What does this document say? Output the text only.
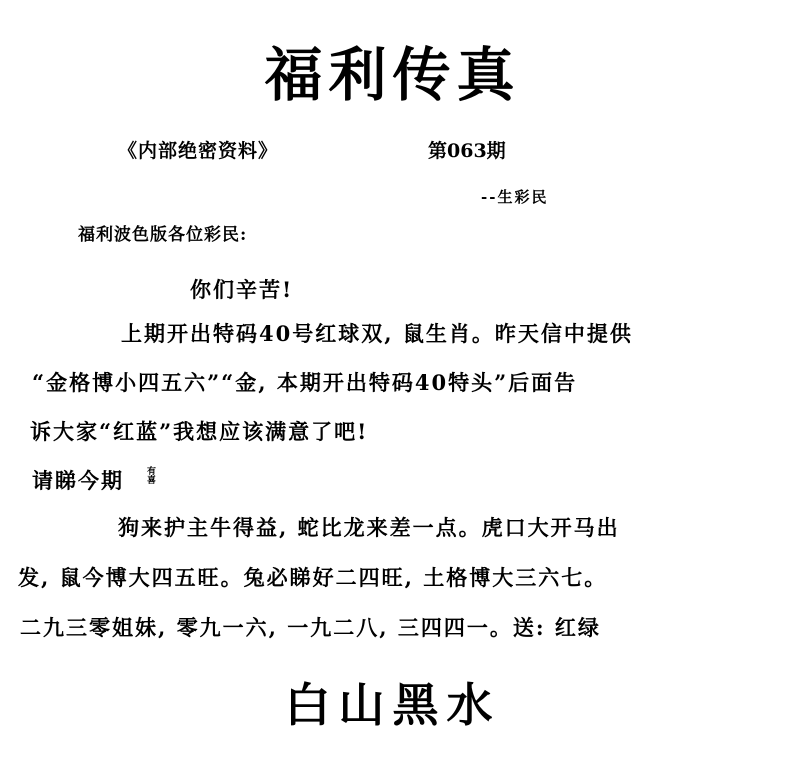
福利传真
《内部绝密资料》	第063期
--生彩民
福利波色版各位彩民:
你们辛苦!
上期开出特码40号红球双, 鼠生肖。昨天信中提供
“金格博小四五六”“金, 本期开出特码40特头”后面告
诉大家“红蓝”我想应该满意了吧!
请睇今期	有喜
狗来护主牛得益, 蛇比龙来差一点。虎口大开马出
发, 鼠今博大四五旺。兔必睇好二四旺, 土格博大三六七。
二九三零姐妹, 零九一六, 一九二八, 三四四一。送: 红绿
白山黑水
